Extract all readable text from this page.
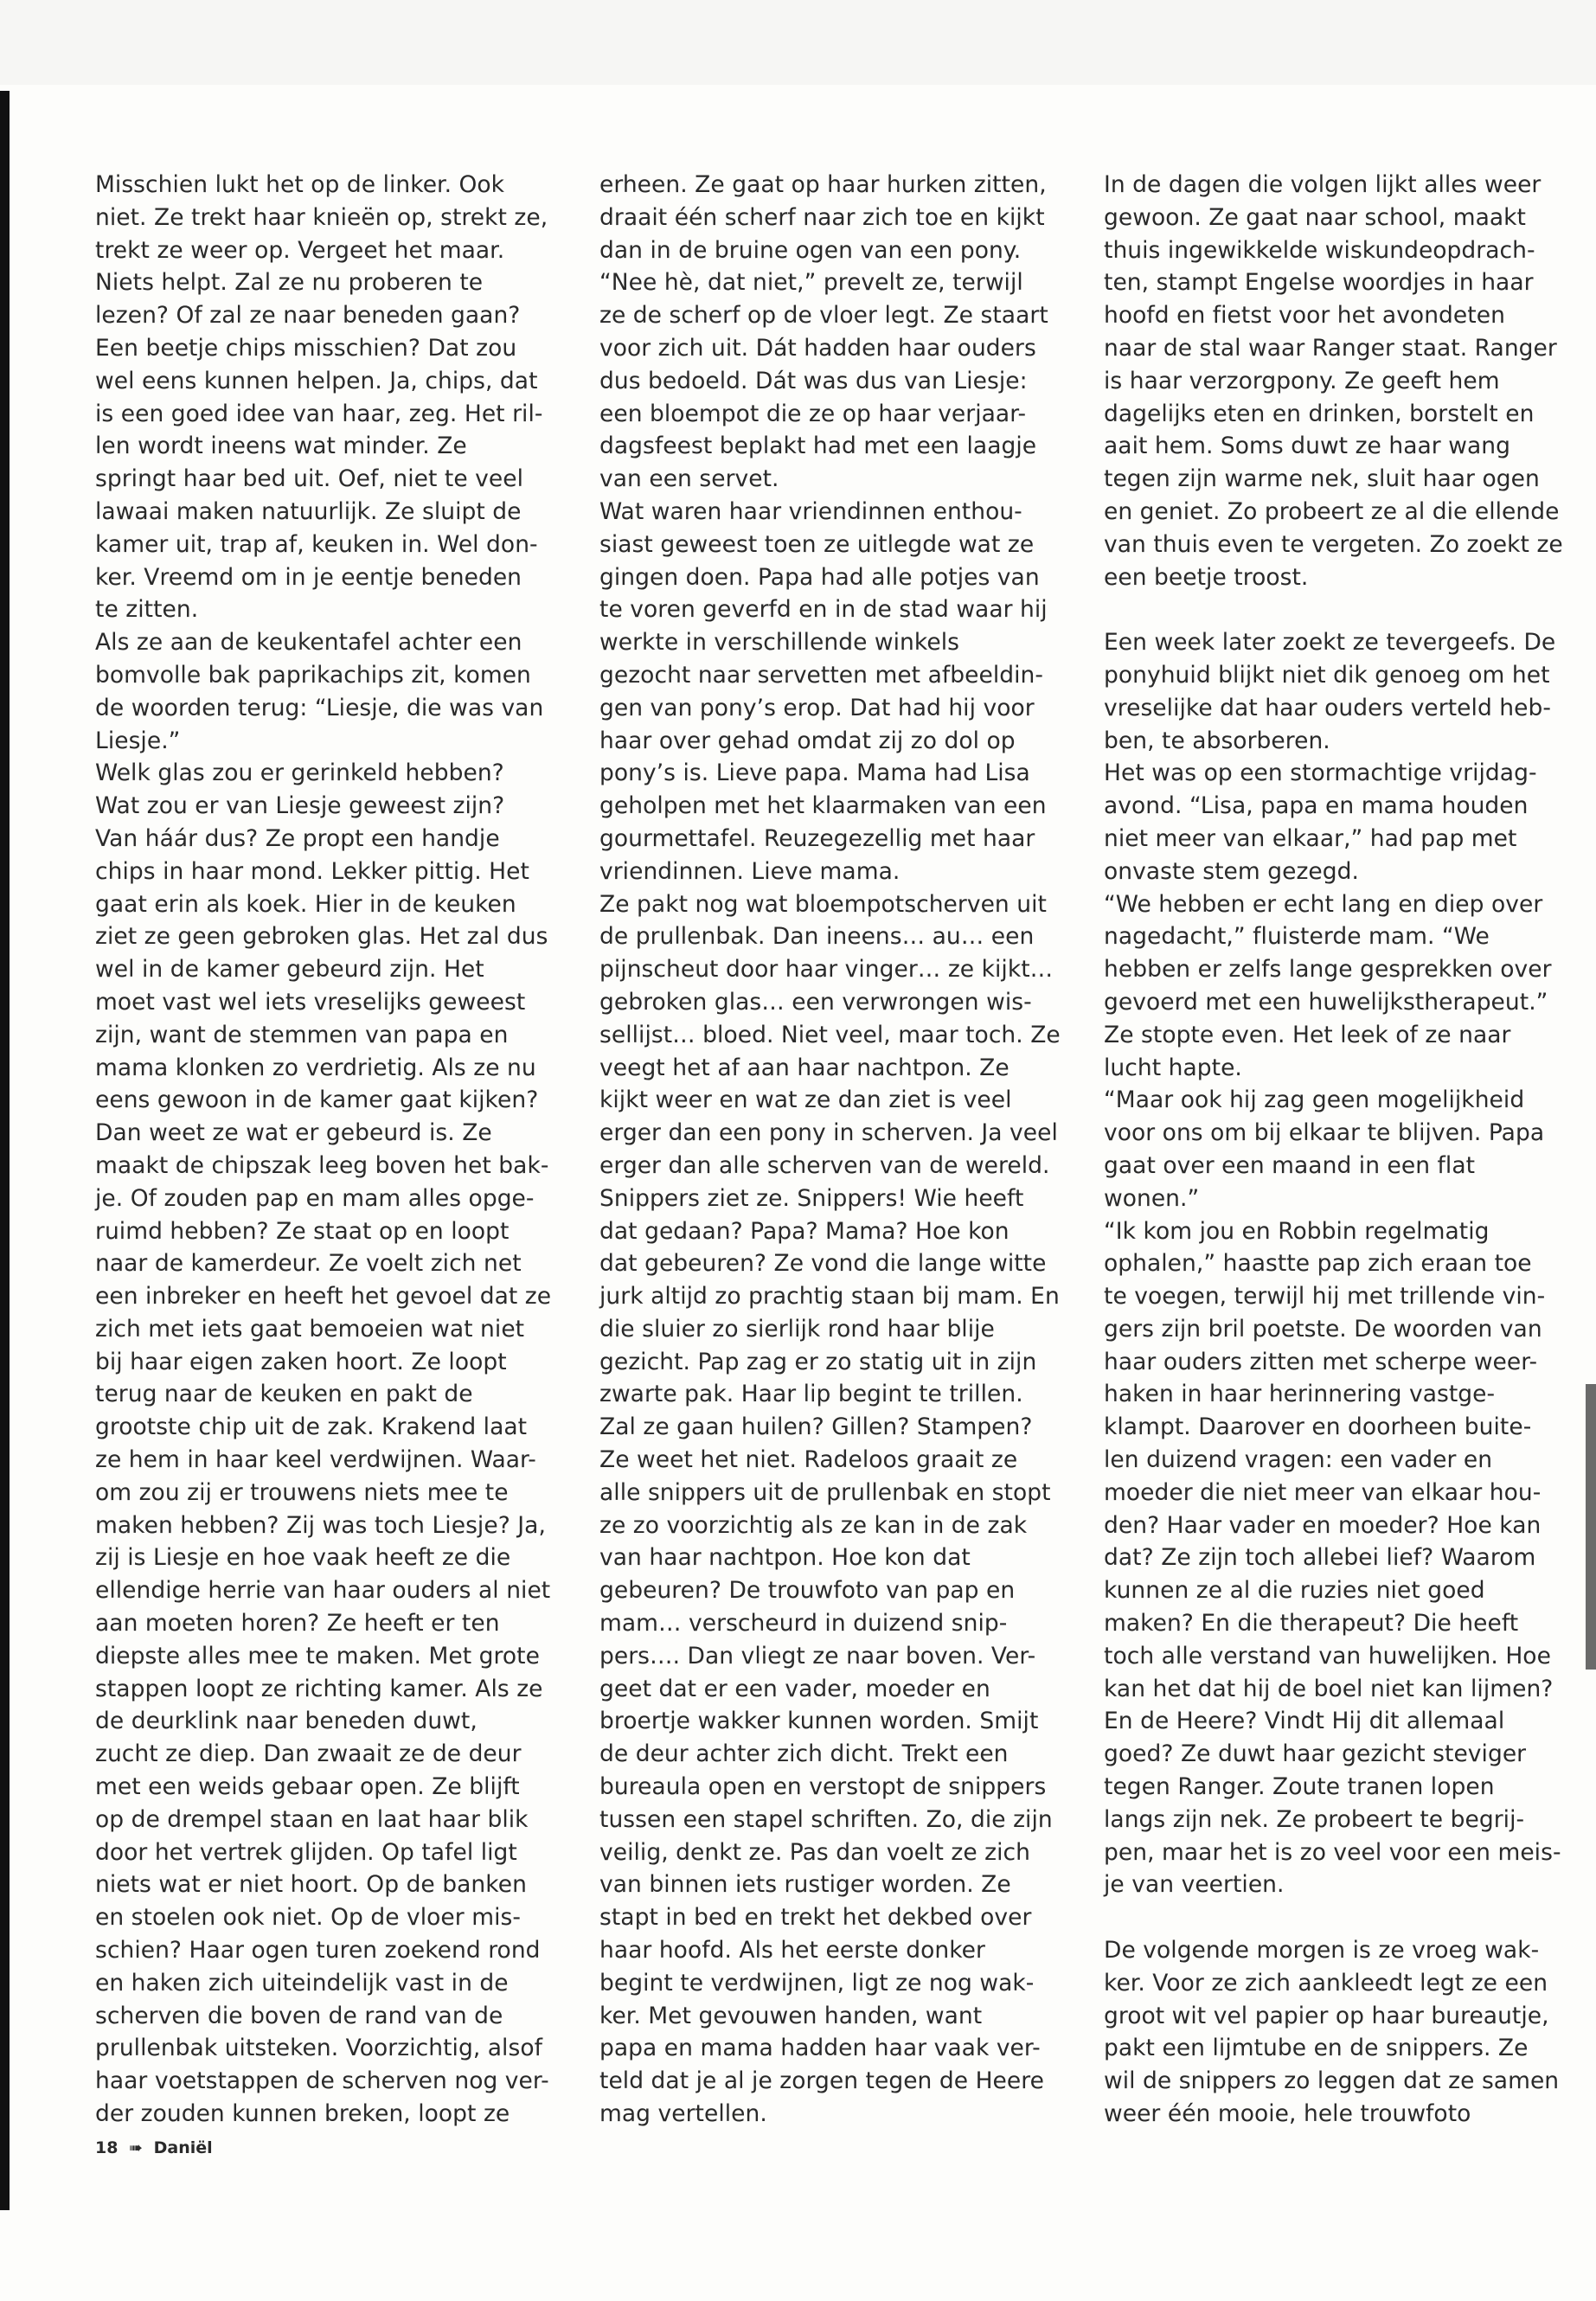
Misschien lukt het op de linker. Ook
niet. Ze trekt haar knieën op, strekt ze,
trekt ze weer op. Vergeet het maar.
Niets helpt. Zal ze nu proberen te
lezen? Of zal ze naar beneden gaan?
Een beetje chips misschien? Dat zou
wel eens kunnen helpen. Ja, chips, dat
is een goed idee van haar, zeg. Het ril-
len wordt ineens wat minder. Ze
springt haar bed uit. Oef, niet te veel
lawaai maken natuurlijk. Ze sluipt de
kamer uit, trap af, keuken in. Wel don-
ker. Vreemd om in je eentje beneden
te zitten.
Als ze aan de keukentafel achter een
bomvolle bak paprikachips zit, komen
de woorden terug: “Liesje, die was van
Liesje.”
Welk glas zou er gerinkeld hebben?
Wat zou er van Liesje geweest zijn?
Van háár dus? Ze propt een handje
chips in haar mond. Lekker pittig. Het
gaat erin als koek. Hier in de keuken
ziet ze geen gebroken glas. Het zal dus
wel in de kamer gebeurd zijn. Het
moet vast wel iets vreselijks geweest
zijn, want de stemmen van papa en
mama klonken zo verdrietig. Als ze nu
eens gewoon in de kamer gaat kijken?
Dan weet ze wat er gebeurd is. Ze
maakt de chipszak leeg boven het bak-
je. Of zouden pap en mam alles opge-
ruimd hebben? Ze staat op en loopt
naar de kamerdeur. Ze voelt zich net
een inbreker en heeft het gevoel dat ze
zich met iets gaat bemoeien wat niet
bij haar eigen zaken hoort. Ze loopt
terug naar de keuken en pakt de
grootste chip uit de zak. Krakend laat
ze hem in haar keel verdwijnen. Waar-
om zou zij er trouwens niets mee te
maken hebben? Zij was toch Liesje? Ja,
zij is Liesje en hoe vaak heeft ze die
ellendige herrie van haar ouders al niet
aan moeten horen? Ze heeft er ten
diepste alles mee te maken. Met grote
stappen loopt ze richting kamer. Als ze
de deurklink naar beneden duwt,
zucht ze diep. Dan zwaait ze de deur
met een weids gebaar open. Ze blijft
op de drempel staan en laat haar blik
door het vertrek glijden. Op tafel ligt
niets wat er niet hoort. Op de banken
en stoelen ook niet. Op de vloer mis-
schien? Haar ogen turen zoekend rond
en haken zich uiteindelijk vast in de
scherven die boven de rand van de
prullenbak uitsteken. Voorzichtig, alsof
haar voetstappen de scherven nog ver-
der zouden kunnen breken, loopt ze
erheen. Ze gaat op haar hurken zitten,
draait één scherf naar zich toe en kijkt
dan in de bruine ogen van een pony.
“Nee hè, dat niet,” prevelt ze, terwijl
ze de scherf op de vloer legt. Ze staart
voor zich uit. Dát hadden haar ouders
dus bedoeld. Dát was dus van Liesje:
een bloempot die ze op haar verjaar-
dagsfeest beplakt had met een laagje
van een servet.
Wat waren haar vriendinnen enthou-
siast geweest toen ze uitlegde wat ze
gingen doen. Papa had alle potjes van
te voren geverfd en in de stad waar hij
werkte in verschillende winkels
gezocht naar servetten met afbeeldin-
gen van pony’s erop. Dat had hij voor
haar over gehad omdat zij zo dol op
pony’s is. Lieve papa. Mama had Lisa
geholpen met het klaarmaken van een
gourmettafel. Reuzegezellig met haar
vriendinnen. Lieve mama.
Ze pakt nog wat bloempotscherven uit
de prullenbak. Dan ineens… au… een
pijnscheut door haar vinger… ze kijkt…
gebroken glas… een verwrongen wis-
sellijst… bloed. Niet veel, maar toch. Ze
veegt het af aan haar nachtpon. Ze
kijkt weer en wat ze dan ziet is veel
erger dan een pony in scherven. Ja veel
erger dan alle scherven van de wereld.
Snippers ziet ze. Snippers! Wie heeft
dat gedaan? Papa? Mama? Hoe kon
dat gebeuren? Ze vond die lange witte
jurk altijd zo prachtig staan bij mam. En
die sluier zo sierlijk rond haar blije
gezicht. Pap zag er zo statig uit in zijn
zwarte pak. Haar lip begint te trillen.
Zal ze gaan huilen? Gillen? Stampen?
Ze weet het niet. Radeloos graait ze
alle snippers uit de prullenbak en stopt
ze zo voorzichtig als ze kan in de zak
van haar nachtpon. Hoe kon dat
gebeuren? De trouwfoto van pap en
mam… verscheurd in duizend snip-
pers…. Dan vliegt ze naar boven. Ver-
geet dat er een vader, moeder en
broertje wakker kunnen worden. Smijt
de deur achter zich dicht. Trekt een
bureaula open en verstopt de snippers
tussen een stapel schriften. Zo, die zijn
veilig, denkt ze. Pas dan voelt ze zich
van binnen iets rustiger worden. Ze
stapt in bed en trekt het dekbed over
haar hoofd. Als het eerste donker
begint te verdwijnen, ligt ze nog wak-
ker. Met gevouwen handen, want
papa en mama hadden haar vaak ver-
teld dat je al je zorgen tegen de Heere
mag vertellen.
In de dagen die volgen lijkt alles weer
gewoon. Ze gaat naar school, maakt
thuis ingewikkelde wiskundeopdrach-
ten, stampt Engelse woordjes in haar
hoofd en fietst voor het avondeten
naar de stal waar Ranger staat. Ranger
is haar verzorgpony. Ze geeft hem
dagelijks eten en drinken, borstelt en
aait hem. Soms duwt ze haar wang
tegen zijn warme nek, sluit haar ogen
en geniet. Zo probeert ze al die ellende
van thuis even te vergeten. Zo zoekt ze
een beetje troost.
Een week later zoekt ze tevergeefs. De
ponyhuid blijkt niet dik genoeg om het
vreselijke dat haar ouders verteld heb-
ben, te absorberen.
Het was op een stormachtige vrijdag-
avond. “Lisa, papa en mama houden
niet meer van elkaar,” had pap met
onvaste stem gezegd.
“We hebben er echt lang en diep over
nagedacht,” fluisterde mam. “We
hebben er zelfs lange gesprekken over
gevoerd met een huwelijkstherapeut.”
Ze stopte even. Het leek of ze naar
lucht hapte.
“Maar ook hij zag geen mogelijkheid
voor ons om bij elkaar te blijven. Papa
gaat over een maand in een flat
wonen.”
“Ik kom jou en Robbin regelmatig
ophalen,” haastte pap zich eraan toe
te voegen, terwijl hij met trillende vin-
gers zijn bril poetste. De woorden van
haar ouders zitten met scherpe weer-
haken in haar herinnering vastge-
klampt. Daarover en doorheen buite-
len duizend vragen: een vader en
moeder die niet meer van elkaar hou-
den? Haar vader en moeder? Hoe kan
dat? Ze zijn toch allebei lief? Waarom
kunnen ze al die ruzies niet goed
maken? En die therapeut? Die heeft
toch alle verstand van huwelijken. Hoe
kan het dat hij de boel niet kan lijmen?
En de Heere? Vindt Hij dit allemaal
goed? Ze duwt haar gezicht steviger
tegen Ranger. Zoute tranen lopen
langs zijn nek. Ze probeert te begrij-
pen, maar het is zo veel voor een meis-
je van veertien.
De volgende morgen is ze vroeg wak-
ker. Voor ze zich aankleedt legt ze een
groot wit vel papier op haar bureautje,
pakt een lijmtube en de snippers. Ze
wil de snippers zo leggen dat ze samen
weer één mooie, hele trouwfoto
18 ➠ Daniël
